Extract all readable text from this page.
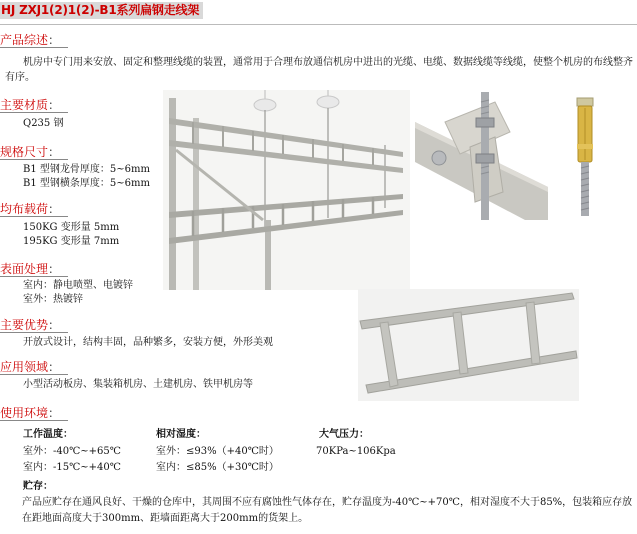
HJ ZXJ1(2)1(2)-B1系列扁钢走线架
产品综述：
机房中专门用来安放、固定和整理线缆的装置，通常用于合理布放通信机房中进出的光缆、电缆、数据线缆等线缆，使整个机房的布线整齐有序。
主要材质：
Q235 钢
规格尺寸：
B1 型钢龙骨厚度：5~6mm
B1 型钢横条厚度：5~6mm
均布载荷：
150KG 变形量 5mm
195KG 变形量 7mm
表面处理：
室内：静电喷塑、电镀锌
室外：热镀锌
主要优势：
开放式设计，结构丰固，品种繁多，安装方便，外形美观
应用领域：
小型活动板房、集装箱机房、土建机房、铁甲机房等
使用环境：
工作温度：
室外：-40℃~+65℃
室内：-15℃~+40℃
相对湿度：
室外：≤93%（+40℃时）
室内：≤85%（+30℃时）
大气压力：
70KPa~106Kpa
贮存：
产品应贮存在通风良好、干燥的仓库中，其周围不应有腐蚀性气体存在，贮存温度为-40℃~+70℃，相对湿度不大于85%，包装箱应存放在距地面高度大于300mm、距墙面距离大于200mm的货架上。
